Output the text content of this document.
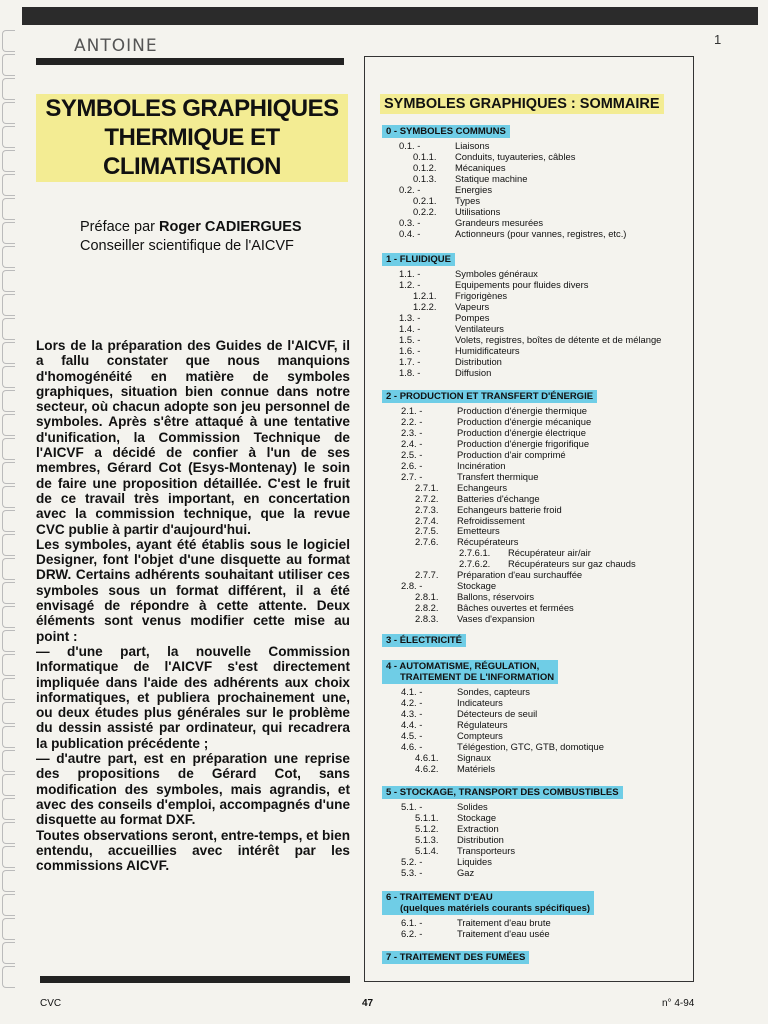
ANTOINE	1
SYMBOLES GRAPHIQUES
THERMIQUE ET
CLIMATISATION
Préface par Roger CADIERGUES
Conseiller scientifique de l'AICVF

Lors de la préparation des Guides de l'AICVF, il a fallu constater que nous manquions d'homogénéité en matière de symboles graphiques, situation bien connue dans notre secteur, où chacun adopte son jeu personnel de symboles. Après s'être attaqué à une tentative d'unification, la Commission Technique de l'AICVF a décidé de confier à l'un de ses membres, Gérard Cot (Esys-Montenay) le soin de faire une proposition détaillée. C'est le fruit de ce travail très important, en concertation avec la commission technique, que la revue CVC publie à partir d'aujourd'hui.

Les symboles, ayant été établis sous le logiciel Designer, font l'objet d'une disquette au format DRW. Certains adhérents souhaitant utiliser ces symboles sous un format différent, il a été envisagé de répondre à cette attente. Deux éléments sont venus modifier cette mise au point :

— d'une part, la nouvelle Commission Informatique de l'AICVF s'est directement impliquée dans l'aide des adhérents aux choix informatiques, et publiera prochainement une, ou deux études plus générales sur le problème du dessin assisté par ordinateur, qui recadrera la publication précédente ;

— d'autre part, est en préparation une reprise des propositions de Gérard Cot, sans modification des symboles, mais agrandis, et avec des conseils d'emploi, accompagnés d'une disquette au format DXF.

Toutes observations seront, entre-temps, et bien entendu, accueillies avec intérêt par les commissions AICVF.

SYMBOLES GRAPHIQUES : SOMMAIRE
0 - SYMBOLES COMMUNS
0.1. -	Liaisons
0.1.1. Conduits, tuyauteries, câbles
0.1.2. Mécaniques
0.1.3. Statique machine
0.2. -	Energies
0.2.1. Types
0.2.2. Utilisations
0.3. -	Grandeurs mesurées
0.4. -	Actionneurs (pour vannes, registres, etc.)
1 - FLUIDIQUE
1.1. -	Symboles généraux
1.2. -	Equipements pour fluides divers
1.2.1. Frigorigènes
1.2.2. Vapeurs
1.3. -	Pompes
1.4. -	Ventilateurs
1.5. -	Volets, registres, boîtes de détente et de mélange
1.6. -	Humidificateurs
1.7. -	Distribution
1.8. -	Diffusion
2 - PRODUCTION ET TRANSFERT D'ÉNERGIE
2.1. -	Production d'énergie thermique
2.2. -	Production d'énergie mécanique
2.3. -	Production d'énergie électrique
2.4. -	Production d'énergie frigorifique
2.5. -	Production d'air comprimé
2.6. -	Incinération
2.7. -	Transfert thermique
2.7.1. Echangeurs
2.7.2. Batteries d'échange
2.7.3. Echangeurs batterie froid
2.7.4. Refroidissement
2.7.5. Emetteurs
2.7.6. Récupérateurs
2.7.6.1. Récupérateur air/air
2.7.6.2. Récupérateurs sur gaz chauds
2.7.7. Préparation d'eau surchauffée
2.8. -	Stockage
2.8.1. Ballons, réservoirs
2.8.2. Bâches ouvertes et fermées
2.8.3. Vases d'expansion
3 - ÉLECTRICITÉ
4 - AUTOMATISME, RÉGULATION,
TRAITEMENT DE L'INFORMATION
4.1. -	Sondes, capteurs
4.2. -	Indicateurs
4.3. -	Détecteurs de seuil
4.4. -	Régulateurs
4.5. -	Compteurs
4.6. -	Télégestion, GTC, GTB, domotique
4.6.1. Signaux
4.6.2. Matériels
5 - STOCKAGE, TRANSPORT DES COMBUSTIBLES
5.1. -	Solides
5.1.1. Stockage
5.1.2. Extraction
5.1.3. Distribution
5.1.4. Transporteurs
5.2. -	Liquides
5.3. -	Gaz
6 - TRAITEMENT D'EAU
(quelques matériels courants spécifiques)
6.1. -	Traitement d'eau brute
6.2. -	Traitement d'eau usée
7 - TRAITEMENT DES FUMÉES
CVC	47	n° 4-94
